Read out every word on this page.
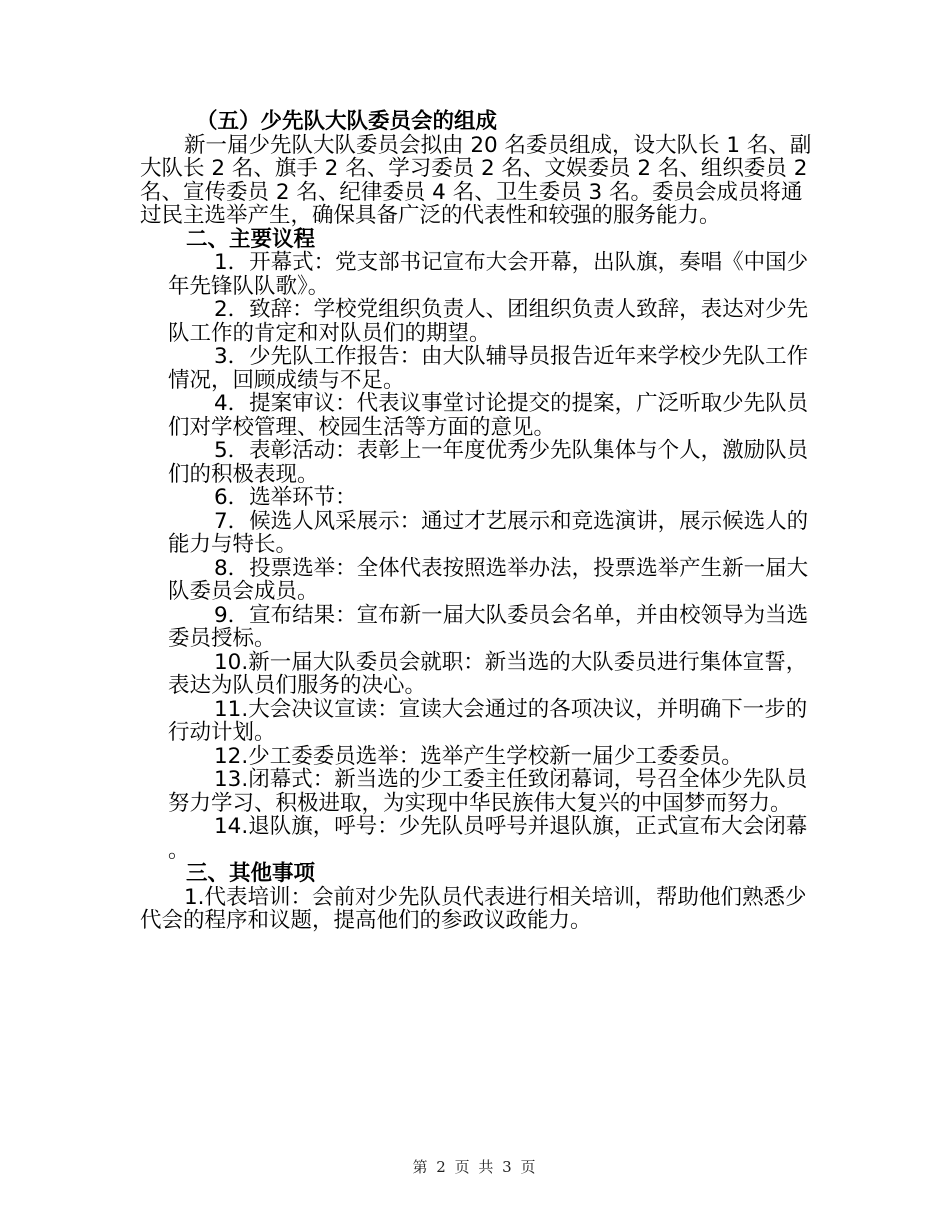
（五）少先队大队委员会的组成
新一届少先队大队委员会拟由 20 名委员组成，设大队长 1 名、副大队长 2 名、旗手 2 名、学习委员 2 名、文娱委员 2 名、组织委员 2 名、宣传委员 2 名、纪律委员 4 名、卫生委员 3 名。委员会成员将通过民主选举产生，确保具备广泛的代表性和较强的服务能力。
二、主要议程
1．开幕式：党支部书记宣布大会开幕，出队旗，奏唱《中国少年先锋队队歌》。
2．致辞：学校党组织负责人、团组织负责人致辞，表达对少先队工作的肯定和对队员们的期望。
3．少先队工作报告：由大队辅导员报告近年来学校少先队工作情况，回顾成绩与不足。
4．提案审议：代表议事堂讨论提交的提案，广泛听取少先队员们对学校管理、校园生活等方面的意见。
5．表彰活动：表彰上一年度优秀少先队集体与个人，激励队员们的积极表现。
6．选举环节：
7．候选人风采展示：通过才艺展示和竞选演讲，展示候选人的能力与特长。
8．投票选举：全体代表按照选举办法，投票选举产生新一届大队委员会成员。
9．宣布结果：宣布新一届大队委员会名单，并由校领导为当选委员授标。
10.新一届大队委员会就职：新当选的大队委员进行集体宣誓，表达为队员们服务的决心。
11.大会决议宣读：宣读大会通过的各项决议，并明确下一步的行动计划。
12.少工委委员选举：选举产生学校新一届少工委委员。
13.闭幕式：新当选的少工委主任致闭幕词，号召全体少先队员努力学习、积极进取，为实现中华民族伟大复兴的中国梦而努力。
14.退队旗，呼号：少先队员呼号并退队旗，正式宣布大会闭幕。
三、其他事项
1.代表培训：会前对少先队员代表进行相关培训，帮助他们熟悉少代会的程序和议题，提高他们的参政议政能力。
第 2 页 共 3 页
